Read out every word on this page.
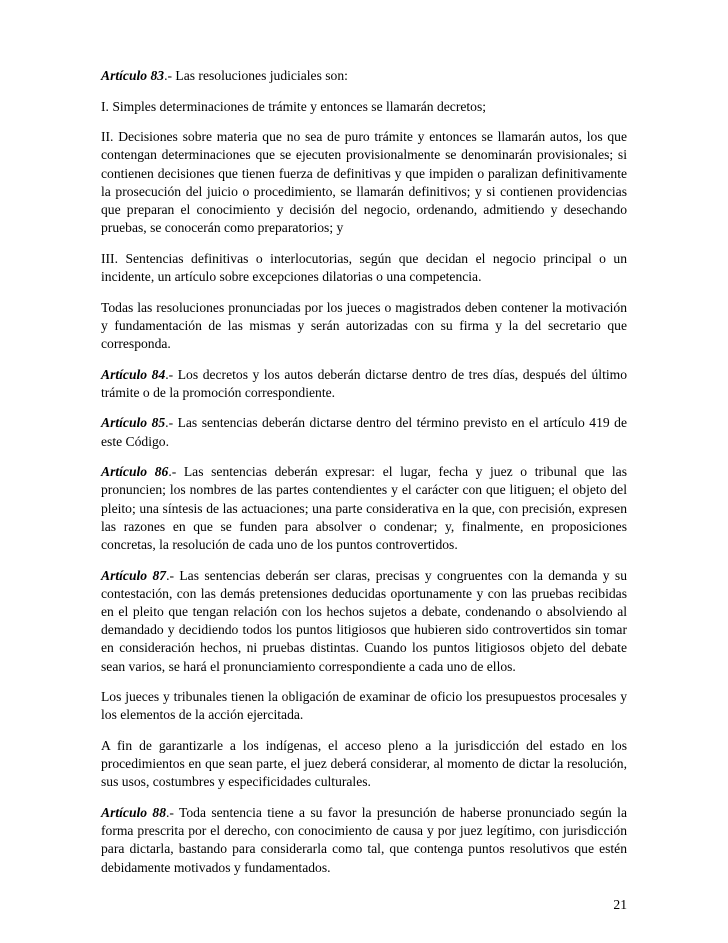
Artículo 83.- Las resoluciones judiciales son:

I. Simples determinaciones de trámite y entonces se llamarán decretos;

II. Decisiones sobre materia que no sea de puro trámite y entonces se llamarán autos, los que contengan determinaciones que se ejecuten provisionalmente se denominarán provisionales; si contienen decisiones que tienen fuerza de definitivas y que impiden o paralizan definitivamente la prosecución del juicio o procedimiento, se llamarán definitivos; y si contienen providencias que preparan el conocimiento y decisión del negocio, ordenando, admitiendo y desechando pruebas, se conocerán como preparatorios; y

III. Sentencias definitivas o interlocutorias, según que decidan el negocio principal o un incidente, un artículo sobre excepciones dilatorias o una competencia.

Todas las resoluciones pronunciadas por los jueces o magistrados deben contener la motivación y fundamentación de las mismas y serán autorizadas con su firma y la del secretario que corresponda.

Artículo 84.- Los decretos y los autos deberán dictarse dentro de tres días, después del último trámite o de la promoción correspondiente.

Artículo 85.- Las sentencias deberán dictarse dentro del término previsto en el artículo 419 de este Código.

Artículo 86.- Las sentencias deberán expresar: el lugar, fecha y juez o tribunal que las pronuncien; los nombres de las partes contendientes y el carácter con que litiguen; el objeto del pleito; una síntesis de las actuaciones; una parte considerativa en la que, con precisión, expresen las razones en que se funden para absolver o condenar; y, finalmente, en proposiciones concretas, la resolución de cada uno de los puntos controvertidos.

Artículo 87.- Las sentencias deberán ser claras, precisas y congruentes con la demanda y su contestación, con las demás pretensiones deducidas oportunamente y con las pruebas recibidas en el pleito que tengan relación con los hechos sujetos a debate, condenando o absolviendo al demandado y decidiendo todos los puntos litigiosos que hubieren sido controvertidos sin tomar en consideración hechos, ni pruebas distintas. Cuando los puntos litigiosos objeto del debate sean varios, se hará el pronunciamiento correspondiente a cada uno de ellos.

Los jueces y tribunales tienen la obligación de examinar de oficio los presupuestos procesales y los elementos de la acción ejercitada.

A fin de garantizarle a los indígenas, el acceso pleno a la jurisdicción del estado en los procedimientos en que sean parte, el juez deberá considerar, al momento de dictar la resolución, sus usos, costumbres y especificidades culturales.

Artículo 88.- Toda sentencia tiene a su favor la presunción de haberse pronunciado según la forma prescrita por el derecho, con conocimiento de causa y por juez legítimo, con jurisdicción para dictarla, bastando para considerarla como tal, que contenga puntos resolutivos que estén debidamente motivados y fundamentados.

21
